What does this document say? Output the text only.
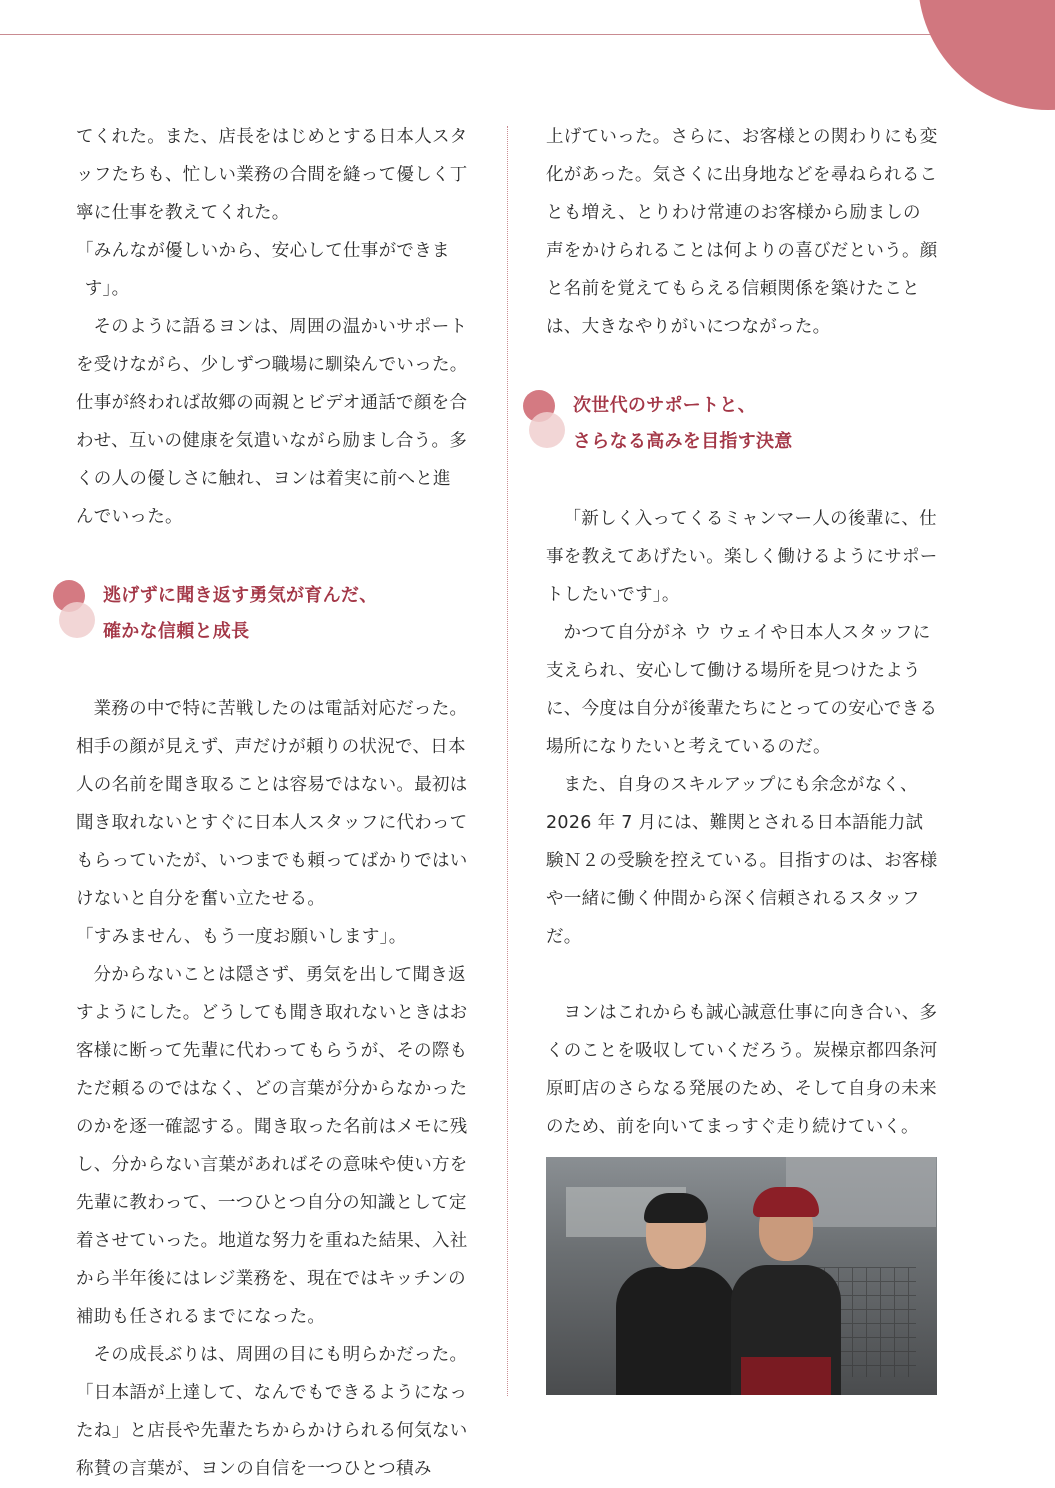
てくれた。また、店長をはじめとする日本人スタッフたちも、忙しい業務の合間を縫って優しく丁寧に仕事を教えてくれた。

「みんなが優しいから、安心して仕事ができます」。

そのように語るヨンは、周囲の温かいサポートを受けながら、少しずつ職場に馴染んでいった。仕事が終われば故郷の両親とビデオ通話で顔を合わせ、互いの健康を気遣いながら励まし合う。多くの人の優しさに触れ、ヨンは着実に前へと進んでいった。

逃げずに聞き返す勇気が育んだ、
確かな信頼と成長

業務の中で特に苦戦したのは電話対応だった。相手の顔が見えず、声だけが頼りの状況で、日本人の名前を聞き取ることは容易ではない。最初は聞き取れないとすぐに日本人スタッフに代わってもらっていたが、いつまでも頼ってばかりではいけないと自分を奮い立たせる。

「すみません、もう一度お願いします」。

分からないことは隠さず、勇気を出して聞き返すようにした。どうしても聞き取れないときはお客様に断って先輩に代わってもらうが、その際もただ頼るのではなく、どの言葉が分からなかったのかを逐一確認する。聞き取った名前はメモに残し、分からない言葉があればその意味や使い方を先輩に教わって、一つひとつ自分の知識として定着させていった。地道な努力を重ねた結果、入社から半年後にはレジ業務を、現在ではキッチンの補助も任されるまでになった。

その成長ぶりは、周囲の目にも明らかだった。「日本語が上達して、なんでもできるようになったね」と店長や先輩たちからかけられる何気ない称賛の言葉が、ヨンの自信を一つひとつ積み

上げていった。さらに、お客様との関わりにも変化があった。気さくに出身地などを尋ねられることも増え、とりわけ常連のお客様から励ましの声をかけられることは何よりの喜びだという。顔と名前を覚えてもらえる信頼関係を築けたことは、大きなやりがいにつながった。

次世代のサポートと、
さらなる高みを目指す決意

「新しく入ってくるミャンマー人の後輩に、仕事を教えてあげたい。楽しく働けるようにサポートしたいです」。

かつて自分がネ ウ ウェイや日本人スタッフに支えられ、安心して働ける場所を見つけたように、今度は自分が後輩たちにとっての安心できる場所になりたいと考えているのだ。

また、自身のスキルアップにも余念がなく、2026 年 7 月には、難関とされる日本語能力試験Ｎ２の受験を控えている。目指すのは、お客様や一緒に働く仲間から深く信頼されるスタッフだ。

ヨンはこれからも誠心誠意仕事に向き合い、多くのことを吸収していくだろう。炭橾京都四条河原町店のさらなる発展のため、そして自身の未来のため、前を向いてまっすぐ走り続けていく。
